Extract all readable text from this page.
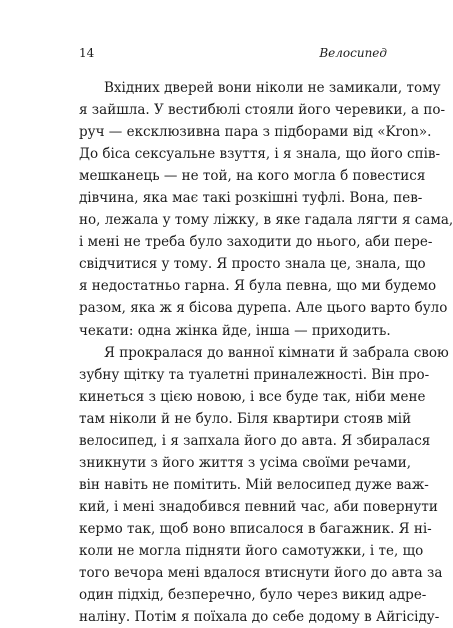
14	Велосипед
Вхідних дверей вони ніколи не замикали, тому
я зайшла. У вестибюлі стояли його черевики, а по-
руч — ексклюзивна пара з підборами від «Kron».
До біса сексуальне взуття, і я знала, що його спів-
мешканець — не той, на кого могла б повестися
дівчина, яка має такі розкішні туфлі. Вона, пев-
но, лежала у тому ліжку, в яке гадала лягти я сама,
і мені не треба було заходити до нього, аби пере-
свідчитися у тому. Я просто знала це, знала, що
я недостатньо гарна. Я була певна, що ми будемо
разом, яка ж я бісова дурепа. Але цього варто було
чекати: одна жінка йде, інша — приходить.
Я прокралася до ванної кімнати й забрала свою
зубну щітку та туалетні приналежності. Він про-
кинеться з цією новою, і все буде так, ніби мене
там ніколи й не було. Біля квартири стояв мій
велосипед, і я запхала його до авта. Я збиралася
зникнути з його життя з усіма своїми речами,
він навіть не помітить. Мій велосипед дуже важ-
кий, і мені знадобився певний час, аби повернути
кермо так, щоб воно вписалося в багажник. Я ні-
коли не могла підняти його самотужки, і те, що
того вечора мені вдалося втиснути його до авта за
один підхід, безперечно, було через викид адре-
наліну. Потім я поїхала до себе додому в Айгісіду-
